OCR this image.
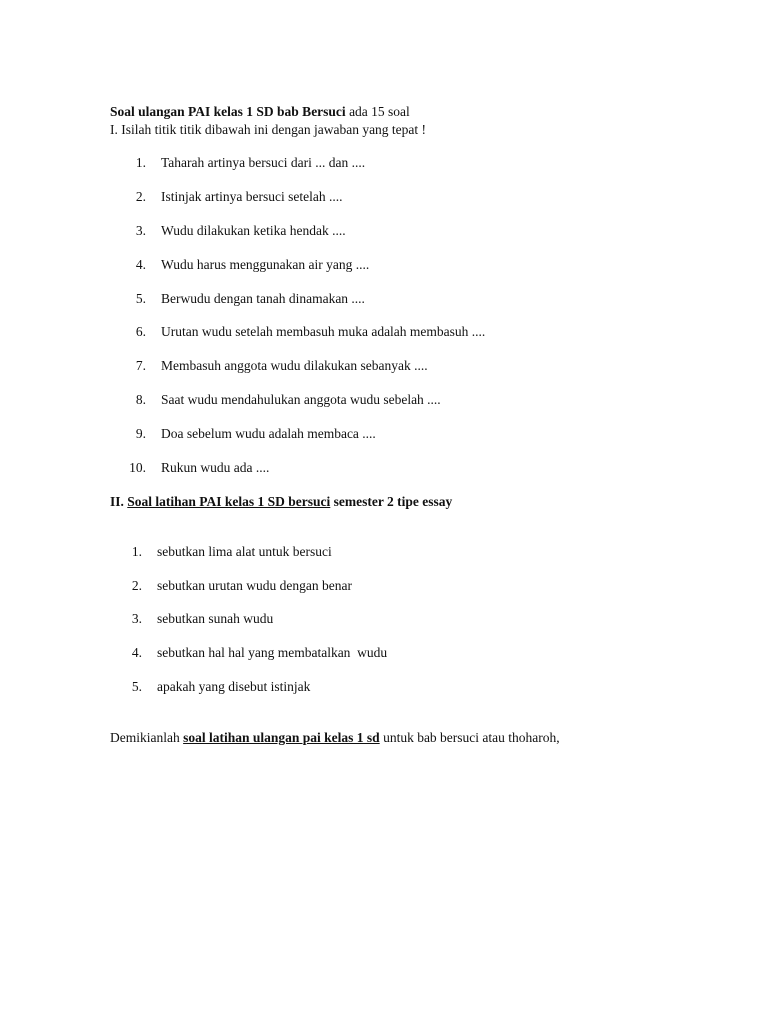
Soal ulangan PAI kelas 1 SD bab Bersuci ada 15 soal
I. Isilah titik titik dibawah ini dengan jawaban yang tepat !
1. Taharah artinya bersuci dari ... dan ....
2. Istinjak artinya bersuci setelah ....
3. Wudu dilakukan ketika hendak ....
4. Wudu harus menggunakan air yang ....
5. Berwudu dengan tanah dinamakan ....
6. Urutan wudu setelah membasuh muka adalah membasuh ....
7. Membasuh anggota wudu dilakukan sebanyak ....
8. Saat wudu mendahulukan anggota wudu sebelah ....
9. Doa sebelum wudu adalah membaca ....
10. Rukun wudu ada ....
II. Soal latihan PAI kelas 1 SD bersuci semester 2 tipe essay
1. sebutkan lima alat untuk bersuci
2. sebutkan urutan wudu dengan benar
3. sebutkan sunah wudu
4. sebutkan hal hal yang membatalkan  wudu
5. apakah yang disebut istinjak
Demikianlah soal latihan ulangan pai kelas 1 sd untuk bab bersuci atau thoharoh,
